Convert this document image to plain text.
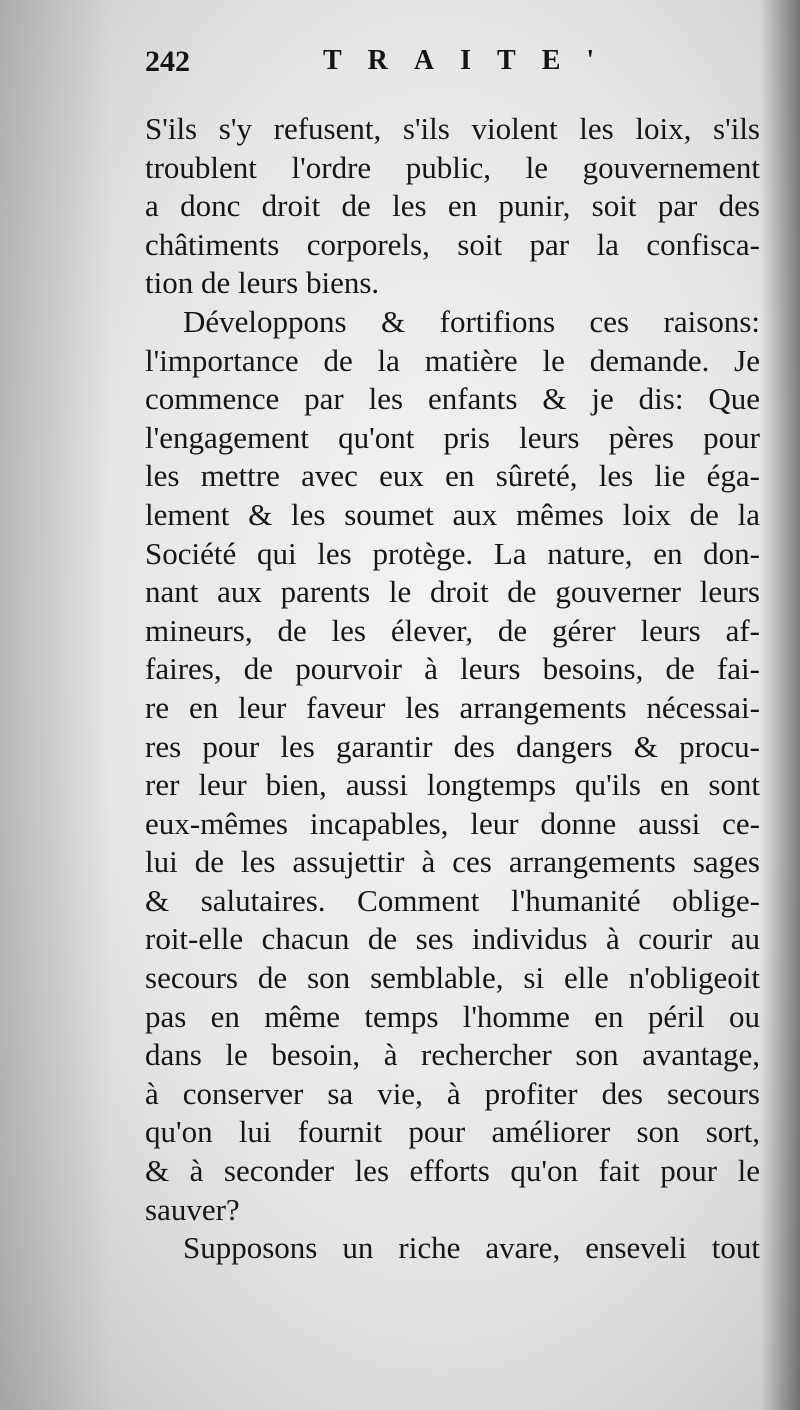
242	TRAITE'
S'ils s'y refusent, s'ils violent les loix, s'ils
troublent l'ordre public, le gouvernement
a donc droit de les en punir, soit par des
châtiments corporels, soit par la confisca-
tion de leurs biens.
Développons & fortifions ces raisons:
l'importance de la matière le demande. Je
commence par les enfants & je dis: Que
l'engagement qu'ont pris leurs pères pour
les mettre avec eux en sûreté, les lie éga-
lement & les soumet aux mêmes loix de la
Société qui les protège. La nature, en don-
nant aux parents le droit de gouverner leurs
mineurs, de les élever, de gérer leurs af-
faires, de pourvoir à leurs besoins, de fai-
re en leur faveur les arrangements nécessai-
res pour les garantir des dangers & procu-
rer leur bien, aussi longtemps qu'ils en sont
eux-mêmes incapables, leur donne aussi ce-
lui de les assujettir à ces arrangements sages
& salutaires. Comment l'humanité oblige-
roit-elle chacun de ses individus à courir au
secours de son semblable, si elle n'obligeoit
pas en même temps l'homme en péril ou
dans le besoin, à rechercher son avantage,
à conserver sa vie, à profiter des secours
qu'on lui fournit pour améliorer son sort,
& à seconder les efforts qu'on fait pour le
sauver?
Supposons un riche avare, enseveli tout
